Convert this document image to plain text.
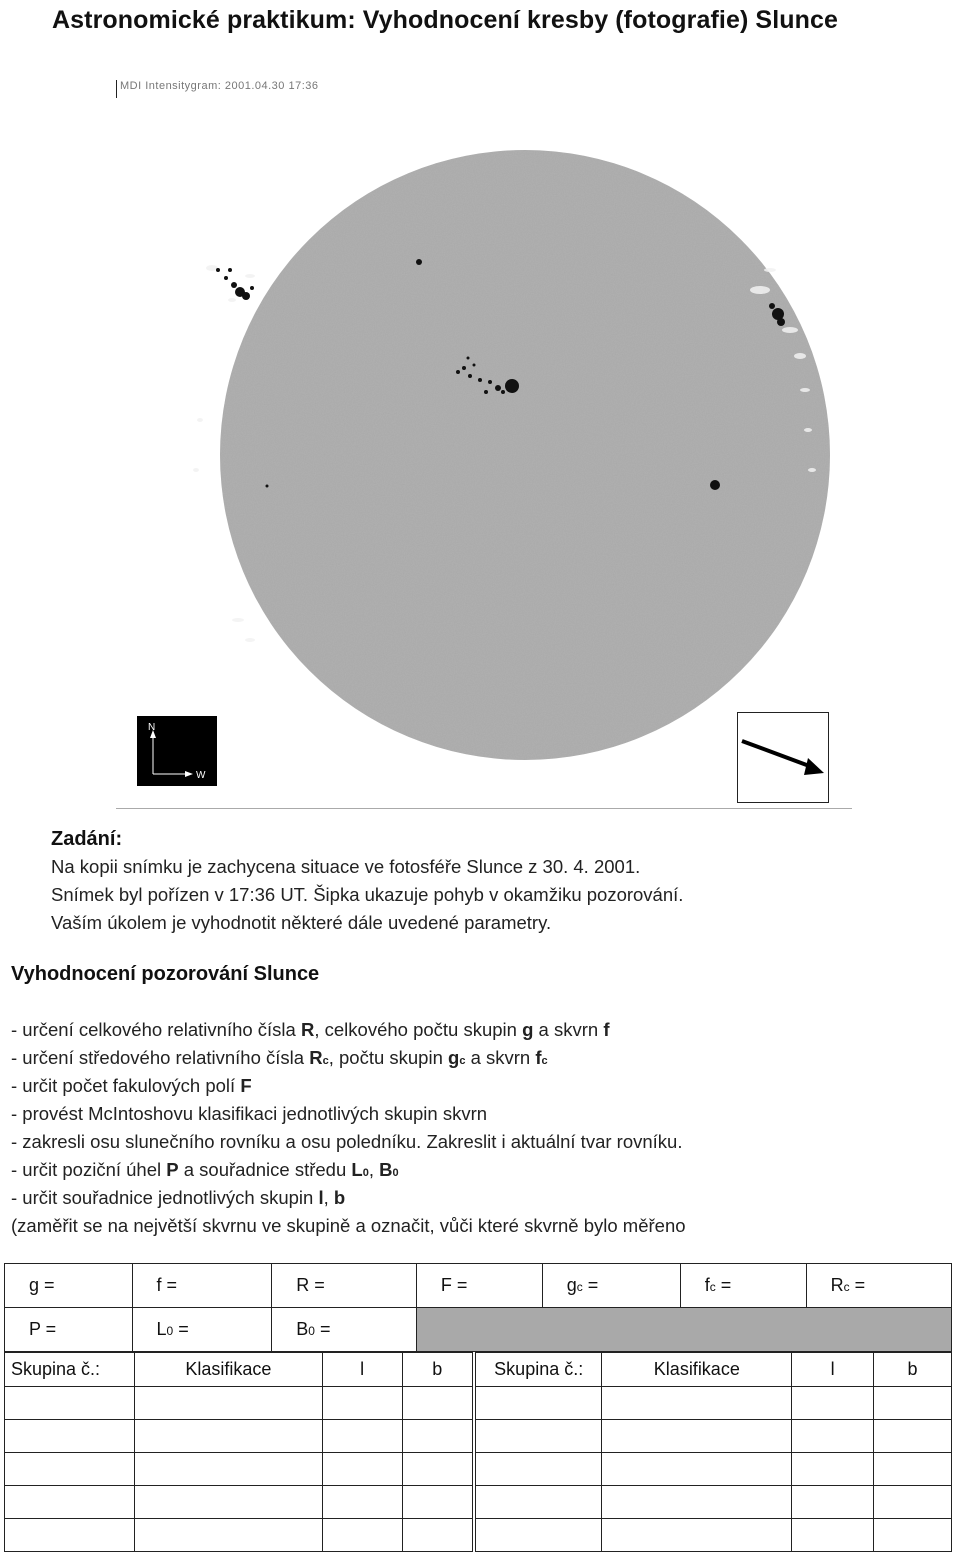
Astronomické praktikum: Vyhodnocení kresby (fotografie) Slunce
MDI Intensitygram: 2001.04.30 17:36
N
W
Zadání:
Na kopii snímku je zachycena situace ve fotosféře Slunce z 30. 4. 2001.
Snímek byl pořízen v 17:36 UT. Šipka ukazuje pohyb v okamžiku pozorování.
Vaším úkolem je vyhodnotit některé dále uvedené parametry.
Vyhodnocení pozorování Slunce
- určení celkového relativního čísla R, celkového počtu skupin g a skvrn f
- určení středového relativního čísla Rc, počtu skupin gc a skvrn fc
- určit počet fakulových polí F
- provést McIntoshovu klasifikaci jednotlivých skupin skvrn
- zakresli osu slunečního rovníku a osu poledníku. Zakreslit i aktuální tvar rovníku.
- určit poziční úhel P a souřadnice středu L0, B0
- určit souřadnice jednotlivých skupin l, b
(zaměřit se na největší skvrnu ve skupině a označit, vůči které skvrně bylo měřeno
g =	f =	R =	F =	gc =	fc =	Rc =
P =	L0 =	B0 =				
Skupina č.:	Klasifikace	l	b	Skupina č.:	Klasifikace	l	b
